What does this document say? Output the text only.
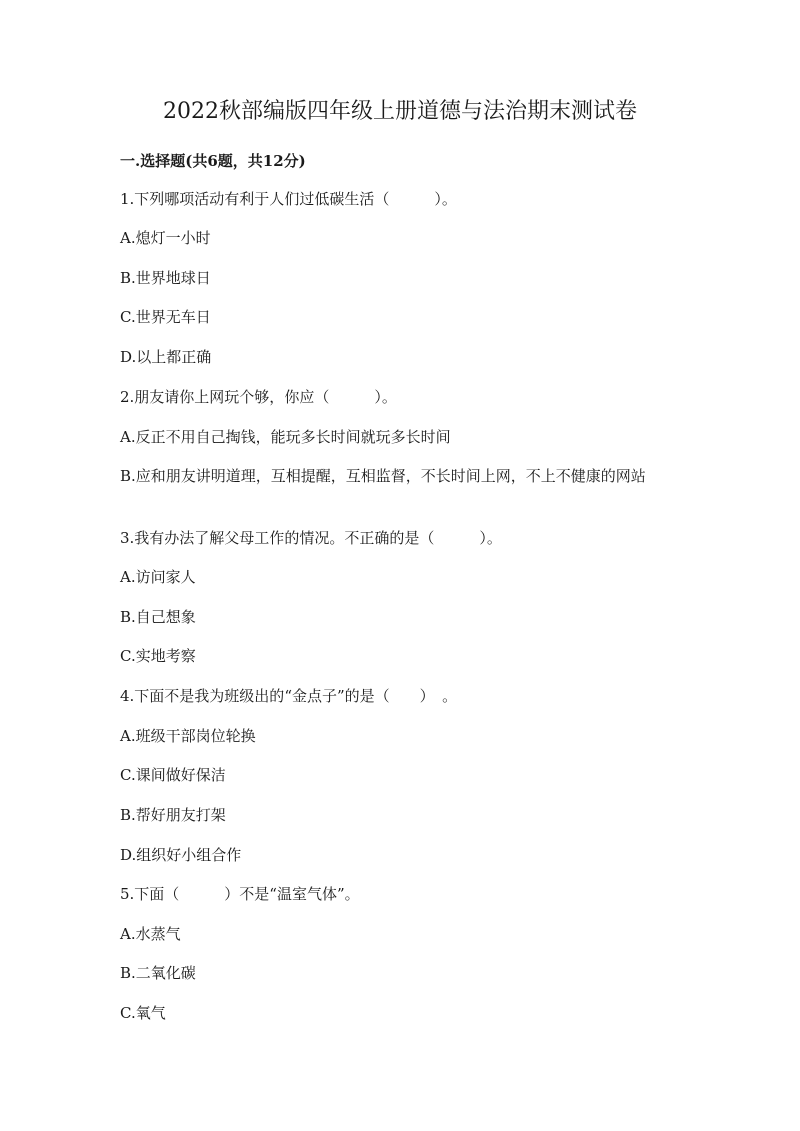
2022秋部编版四年级上册道德与法治期末测试卷
一.选择题(共6题，共12分)

1.下列哪项活动有利于人们过低碳生活（　　　）。

A.熄灯一小时

B.世界地球日

C.世界无车日

D.以上都正确

2.朋友请你上网玩个够，你应（　　　）。

A.反正不用自己掏钱，能玩多长时间就玩多长时间

B.应和朋友讲明道理，互相提醒，互相监督，不长时间上网，不上不健康的网站

3.我有办法了解父母工作的情况。不正确的是（　　　）。

A.访问家人

B.自己想象

C.实地考察

4.下面不是我为班级出的“金点子”的是（　　）　。

A.班级干部岗位轮换

C.课间做好保洁

B.帮好朋友打架

D.组织好小组合作

5.下面（　　　）不是“温室气体”。

A.水蒸气

B.二氧化碳

C.氧气
